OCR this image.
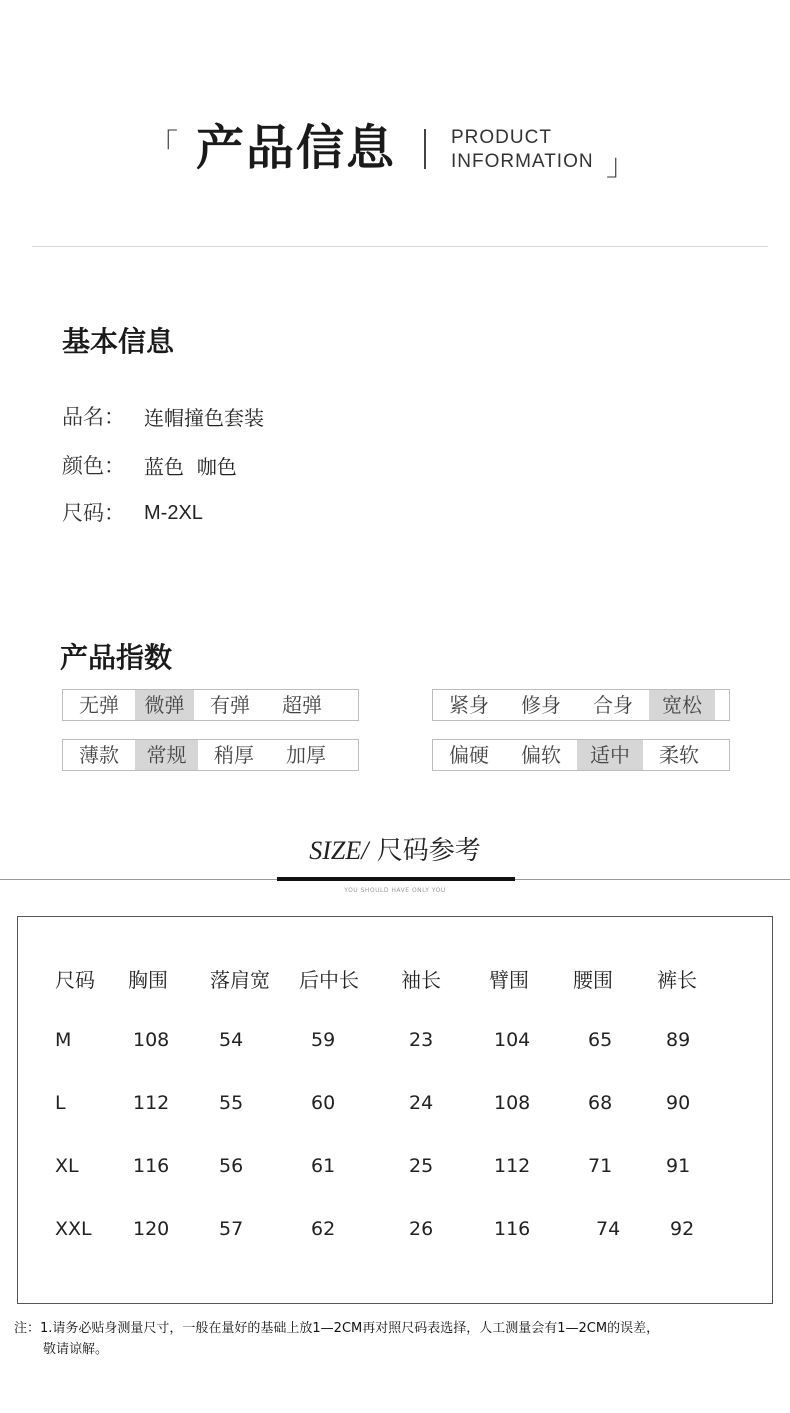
「 产品信息	PRODUCT
INFORMATION 」
基本信息
品名： 连帽撞色套装
颜色： 蓝色  咖色
尺码： M-2XL
产品指数
无弹	微弹	有弹	超弹	紧身	修身	合身	宽松
薄款	常规	稍厚	加厚	偏硬	偏软	适中	柔软
SIZE/ 尺码参考
YOU SHOULD HAVE ONLY YOU
尺码 胸围 落肩宽 后中长 袖长 臂围 腰围 裤长
M	108	54	59	23	104	65	89
L	112	55	60	24	108	68	90
XL	116	56	61	25	112	71	91
XXL 120	57	62	26	116	74	92
注：1.请务必贴身测量尺寸，一般在量好的基础上放1—2CM再对照尺码表选择，人工测量会有1—2CM的误差，
敬请谅解。
